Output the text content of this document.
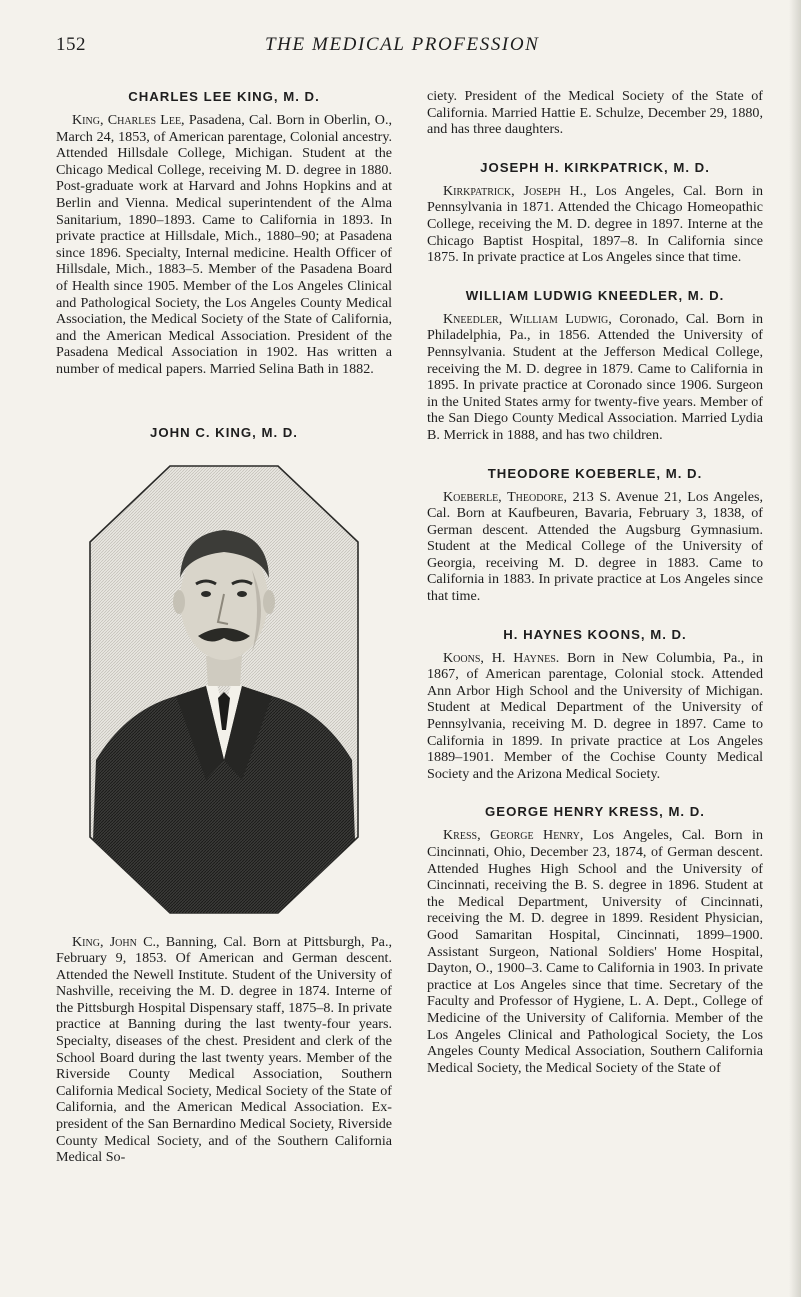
152	THE MEDICAL PROFESSION
CHARLES LEE KING, M. D.

King, Charles Lee, Pasadena, Cal. Born in Oberlin, O., March 24, 1853, of American parentage, Colonial ancestry. Attended Hillsdale College, Michigan. Student at the Chicago Medical College, receiving M. D. degree in 1880. Post-graduate work at Harvard and Johns Hopkins and at Berlin and Vienna. Medical superintendent of the Alma Sanitarium, 1890–1893. Came to California in 1893. In private practice at Hillsdale, Mich., 1880–90; at Pasadena since 1896. Specialty, Internal medicine. Health Officer of Hillsdale, Mich., 1883–5. Member of the Pasadena Board of Health since 1905. Member of the Los Angeles Clinical and Pathological Society, the Los Angeles County Medical Association, the Medical Society of the State of California, and the American Medical Association. President of the Pasadena Medical Association in 1902. Has written a number of medical papers. Married Selina Bath in 1882.

JOHN C. KING, M. D.

King, John C., Banning, Cal. Born at Pittsburgh, Pa., February 9, 1853. Of American and German descent. Attended the Newell Institute. Student of the University of Nashville, receiving the M. D. degree in 1874. Interne of the Pittsburgh Hospital Dispensary staff, 1875–8. In private practice at Banning during the last twenty-four years. Specialty, diseases of the chest. President and clerk of the School Board during the last twenty years. Member of the Riverside County Medical Association, Southern California Medical Society, Medical Society of the State of California, and the American Medical Association. Ex-president of the San Bernardino Medical Society, Riverside County Medical Society, and of the Southern California Medical So-

ciety. President of the Medical Society of the State of California. Married Hattie E. Schulze, December 29, 1880, and has three daughters.

JOSEPH H. KIRKPATRICK, M. D.

Kirkpatrick, Joseph H., Los Angeles, Cal. Born in Pennsylvania in 1871. Attended the Chicago Homeopathic College, receiving the M. D. degree in 1897. Interne at the Chicago Baptist Hospital, 1897–8. In California since 1875. In private practice at Los Angeles since that time.

WILLIAM LUDWIG KNEEDLER, M. D.

Kneedler, William Ludwig, Coronado, Cal. Born in Philadelphia, Pa., in 1856. Attended the University of Pennsylvania. Student at the Jefferson Medical College, receiving the M. D. degree in 1879. Came to California in 1895. In private practice at Coronado since 1906. Surgeon in the United States army for twenty-five years. Member of the San Diego County Medical Association. Married Lydia B. Merrick in 1888, and has two children.

THEODORE KOEBERLE, M. D.

Koeberle, Theodore, 213 S. Avenue 21, Los Angeles, Cal. Born at Kaufbeuren, Bavaria, February 3, 1838, of German descent. Attended the Augsburg Gymnasium. Student at the Medical College of the University of Georgia, receiving M. D. degree in 1883. Came to California in 1883. In private practice at Los Angeles since that time.

H. HAYNES KOONS, M. D.

Koons, H. Haynes. Born in New Columbia, Pa., in 1867, of American parentage, Colonial stock. Attended Ann Arbor High School and the University of Michigan. Student at Medical Department of the University of Pennsylvania, receiving M. D. degree in 1897. Came to California in 1899. In private practice at Los Angeles 1889–1901. Member of the Cochise County Medical Society and the Arizona Medical Society.

GEORGE HENRY KRESS, M. D.

Kress, George Henry, Los Angeles, Cal. Born in Cincinnati, Ohio, December 23, 1874, of German descent. Attended Hughes High School and the University of Cincinnati, receiving the B. S. degree in 1896. Student at the Medical Department, University of Cincinnati, receiving the M. D. degree in 1899. Resident Physician, Good Samaritan Hospital, Cincinnati, 1899–1900. Assistant Surgeon, National Soldiers' Home Hospital, Dayton, O., 1900–3. Came to California in 1903. In private practice at Los Angeles since that time. Secretary of the Faculty and Professor of Hygiene, L. A. Dept., College of Medicine of the University of California. Member of the Los Angeles Clinical and Pathological Society, the Los Angeles County Medical Association, Southern California Medical Society, the Medical Society of the State of
